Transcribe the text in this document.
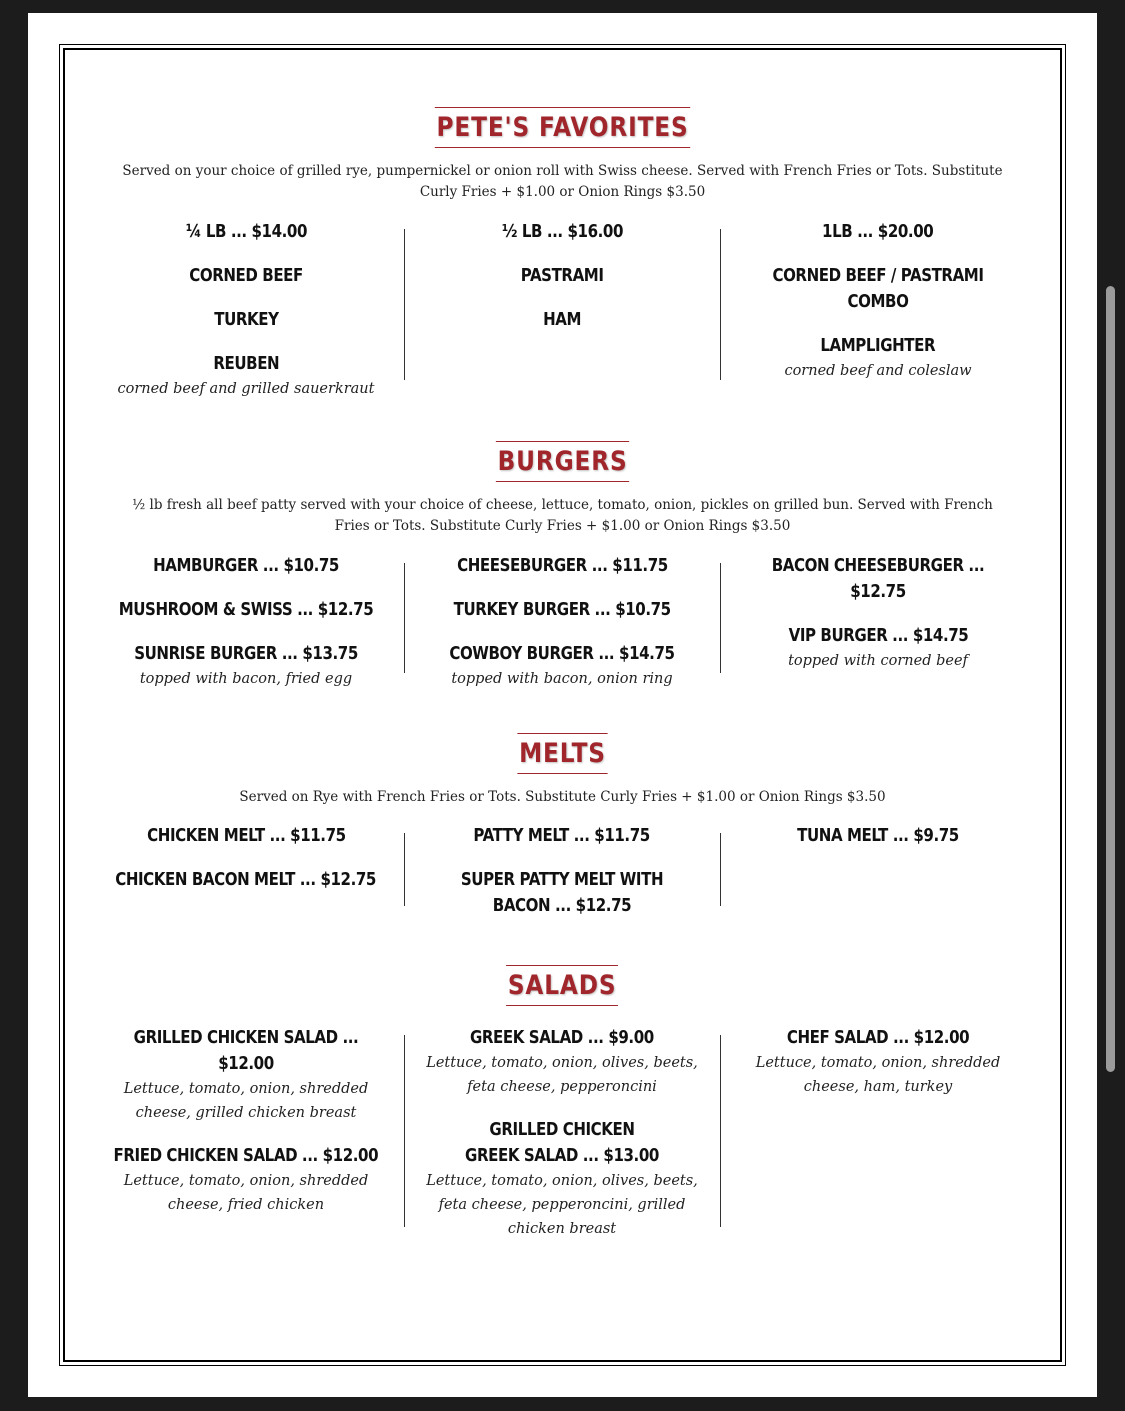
PETE'S FAVORITES
Served on your choice of grilled rye, pumpernickel or onion roll with Swiss cheese. Served with French Fries or Tots. Substitute Curly Fries + $1.00 or Onion Rings $3.50
¼ LB ... $14.00
CORNED BEEF
TURKEY
REUBEN
corned beef and grilled sauerkraut
½ LB ... $16.00
PASTRAMI
HAM
1LB ... $20.00
CORNED BEEF / PASTRAMI COMBO
LAMPLIGHTER
corned beef and coleslaw
BURGERS
½ lb fresh all beef patty served with your choice of cheese, lettuce, tomato, onion, pickles on grilled bun. Served with French Fries or Tots. Substitute Curly Fries + $1.00 or Onion Rings $3.50
HAMBURGER ... $10.75
MUSHROOM & SWISS ... $12.75
SUNRISE BURGER ... $13.75
topped with bacon, fried egg
CHEESEBURGER ... $11.75
TURKEY BURGER ... $10.75
COWBOY BURGER ... $14.75
topped with bacon, onion ring
BACON CHEESEBURGER ... $12.75
VIP BURGER ... $14.75
topped with corned beef
MELTS
Served on Rye with French Fries or Tots. Substitute Curly Fries + $1.00 or Onion Rings $3.50
CHICKEN MELT ... $11.75
CHICKEN BACON MELT ... $12.75
PATTY MELT ... $11.75
SUPER PATTY MELT WITH BACON ... $12.75
TUNA MELT ... $9.75
SALADS
GRILLED CHICKEN SALAD ... $12.00
Lettuce, tomato, onion, shredded cheese, grilled chicken breast
FRIED CHICKEN SALAD ... $12.00
Lettuce, tomato, onion, shredded cheese, fried chicken
GREEK SALAD ... $9.00
Lettuce, tomato, onion, olives, beets, feta cheese, pepperoncini
GRILLED CHICKEN GREEK SALAD ... $13.00
Lettuce, tomato, onion, olives, beets, feta cheese, pepperoncini, grilled chicken breast
CHEF SALAD ... $12.00
Lettuce, tomato, onion, shredded cheese, ham, turkey
